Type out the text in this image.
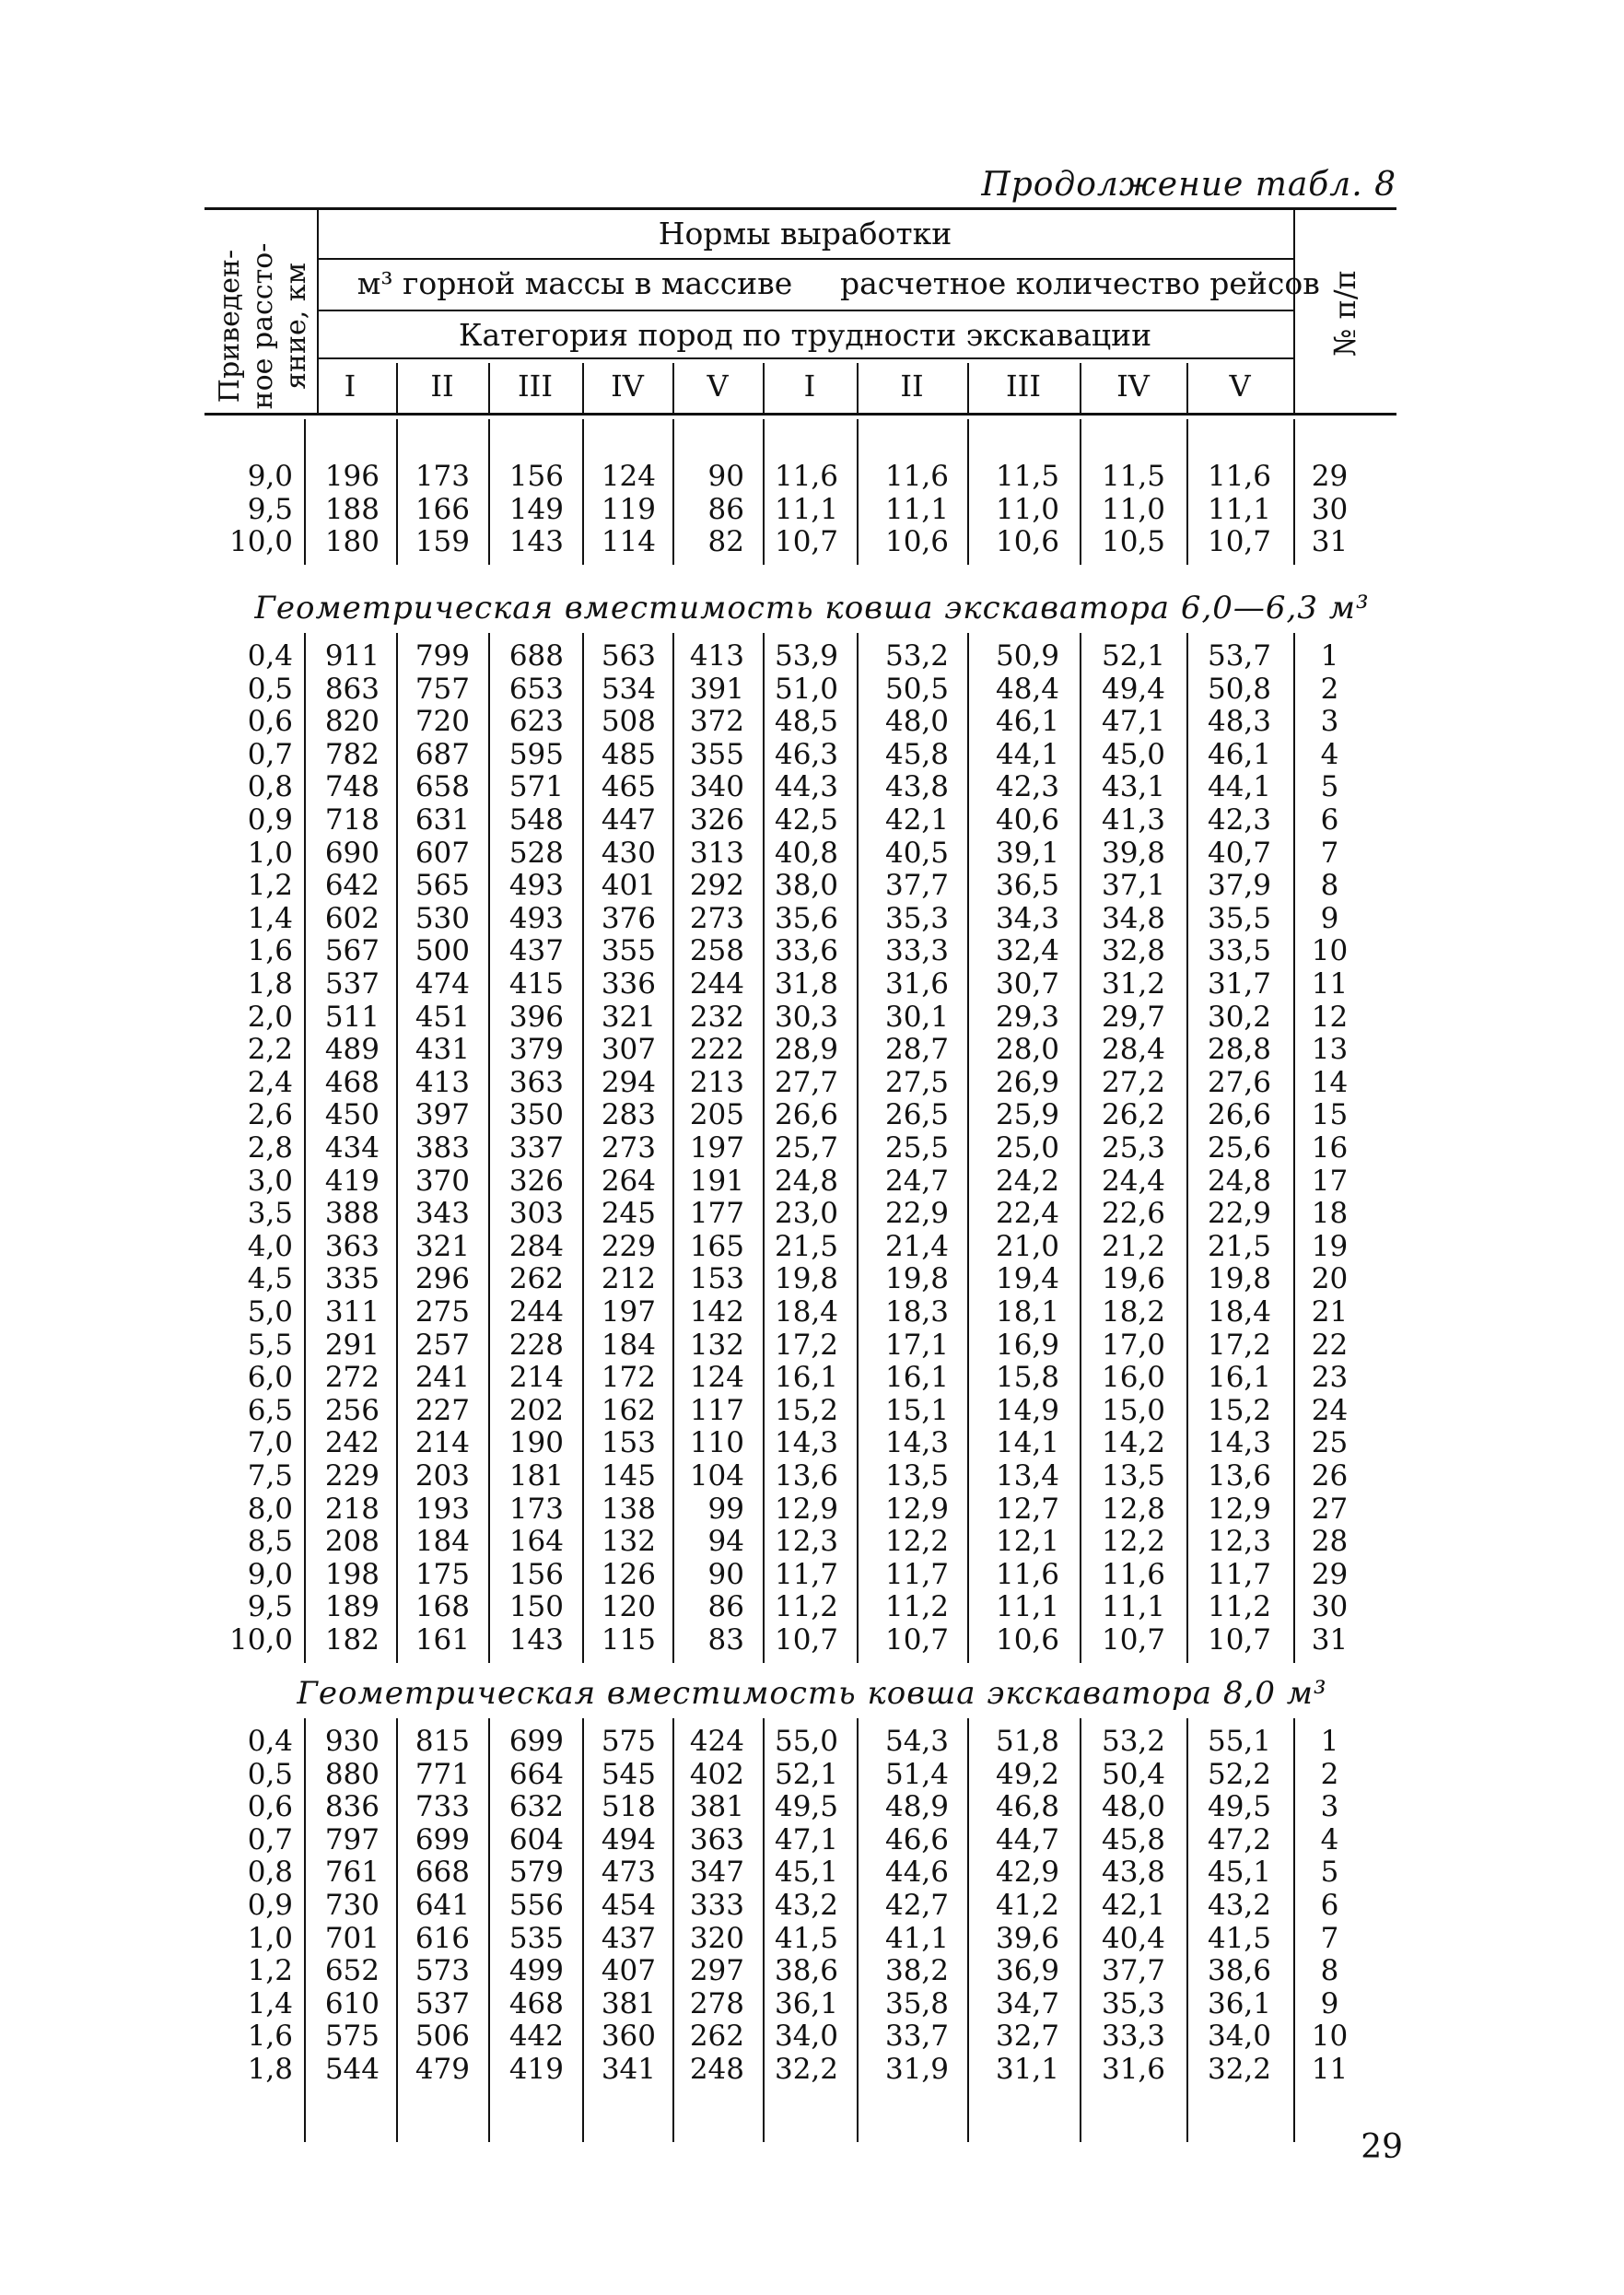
Продолжение табл. 8
Приведен-
ное рассто-
яние, км
Нормы выработки
м³ горной массы в массиве	расчетное количество рейсов
Категория пород по трудности экскавации	№ п/п
I	II	III	IV	V	I	II	III	IV	V
9,0	196	173	156	124	90	11,6	11,6	11,5	11,5	11,6	29
9,5	188	166	149	119	86	11,1	11,1	11,0	11,0	11,1	30
10,0	180	159	143	114	82	10,7	10,6	10,6	10,5	10,7	31
Геометрическая вместимость ковша экскаватора 6,0—6,3 м³
0,4	911	799	688	563	413	53,9	53,2	50,9	52,1	53,7	1
0,5	863	757	653	534	391	51,0	50,5	48,4	49,4	50,8	2
0,6	820	720	623	508	372	48,5	48,0	46,1	47,1	48,3	3
0,7	782	687	595	485	355	46,3	45,8	44,1	45,0	46,1	4
0,8	748	658	571	465	340	44,3	43,8	42,3	43,1	44,1	5
0,9	718	631	548	447	326	42,5	42,1	40,6	41,3	42,3	6
1,0	690	607	528	430	313	40,8	40,5	39,1	39,8	40,7	7
1,2	642	565	493	401	292	38,0	37,7	36,5	37,1	37,9	8
1,4	602	530	493	376	273	35,6	35,3	34,3	34,8	35,5	9
1,6	567	500	437	355	258	33,6	33,3	32,4	32,8	33,5	10
1,8	537	474	415	336	244	31,8	31,6	30,7	31,2	31,7	11
2,0	511	451	396	321	232	30,3	30,1	29,3	29,7	30,2	12
2,2	489	431	379	307	222	28,9	28,7	28,0	28,4	28,8	13
2,4	468	413	363	294	213	27,7	27,5	26,9	27,2	27,6	14
2,6	450	397	350	283	205	26,6	26,5	25,9	26,2	26,6	15
2,8	434	383	337	273	197	25,7	25,5	25,0	25,3	25,6	16
3,0	419	370	326	264	191	24,8	24,7	24,2	24,4	24,8	17
3,5	388	343	303	245	177	23,0	22,9	22,4	22,6	22,9	18
4,0	363	321	284	229	165	21,5	21,4	21,0	21,2	21,5	19
4,5	335	296	262	212	153	19,8	19,8	19,4	19,6	19,8	20
5,0	311	275	244	197	142	18,4	18,3	18,1	18,2	18,4	21
5,5	291	257	228	184	132	17,2	17,1	16,9	17,0	17,2	22
6,0	272	241	214	172	124	16,1	16,1	15,8	16,0	16,1	23
6,5	256	227	202	162	117	15,2	15,1	14,9	15,0	15,2	24
7,0	242	214	190	153	110	14,3	14,3	14,1	14,2	14,3	25
7,5	229	203	181	145	104	13,6	13,5	13,4	13,5	13,6	26
8,0	218	193	173	138	99	12,9	12,9	12,7	12,8	12,9	27
8,5	208	184	164	132	94	12,3	12,2	12,1	12,2	12,3	28
9,0	198	175	156	126	90	11,7	11,7	11,6	11,6	11,7	29
9,5	189	168	150	120	86	11,2	11,2	11,1	11,1	11,2	30
10,0	182	161	143	115	83	10,7	10,7	10,6	10,7	10,7	31
Геометрическая вместимость ковша экскаватора 8,0 м³
0,4	930	815	699	575	424	55,0	54,3	51,8	53,2	55,1	1
0,5	880	771	664	545	402	52,1	51,4	49,2	50,4	52,2	2
0,6	836	733	632	518	381	49,5	48,9	46,8	48,0	49,5	3
0,7	797	699	604	494	363	47,1	46,6	44,7	45,8	47,2	4
0,8	761	668	579	473	347	45,1	44,6	42,9	43,8	45,1	5
0,9	730	641	556	454	333	43,2	42,7	41,2	42,1	43,2	6
1,0	701	616	535	437	320	41,5	41,1	39,6	40,4	41,5	7
1,2	652	573	499	407	297	38,6	38,2	36,9	37,7	38,6	8
1,4	610	537	468	381	278	36,1	35,8	34,7	35,3	36,1	9
1,6	575	506	442	360	262	34,0	33,7	32,7	33,3	34,0	10
1,8	544	479	419	341	248	32,2	31,9	31,1	31,6	32,2	11
29
